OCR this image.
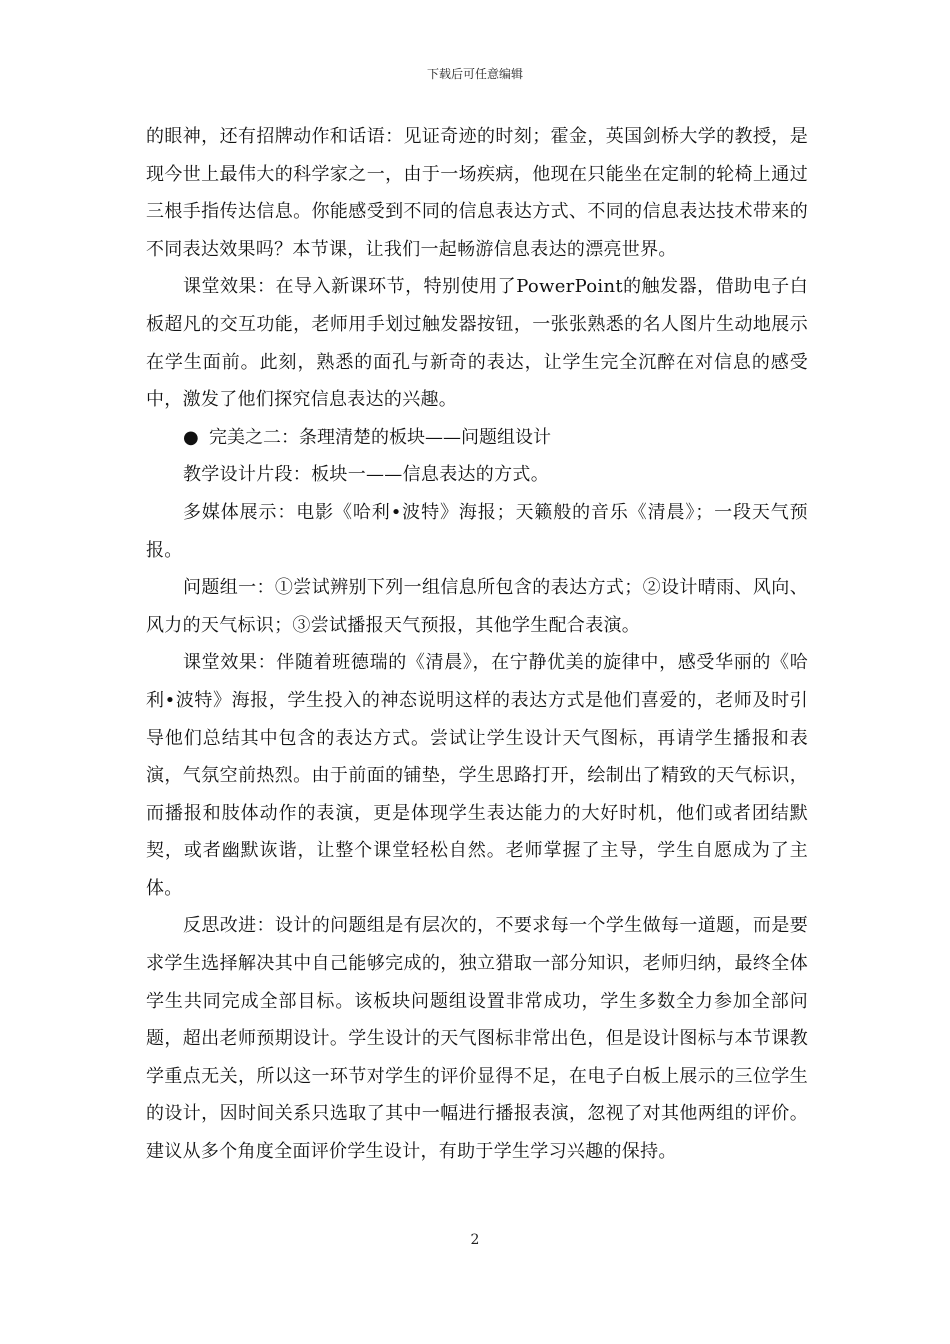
下载后可任意编辑

的眼神，还有招牌动作和话语：见证奇迹的时刻；霍金，英国剑桥大学的教授，是现今世上最伟大的科学家之一，由于一场疾病，他现在只能坐在定制的轮椅上通过三根手指传达信息。你能感受到不同的信息表达方式、不同的信息表达技术带来的不同表达效果吗？本节课，让我们一起畅游信息表达的漂亮世界。

课堂效果：在导入新课环节，特别使用了PowerPoint的触发器，借助电子白板超凡的交互功能，老师用手划过触发器按钮，一张张熟悉的名人图片生动地展示在学生面前。此刻，熟悉的面孔与新奇的表达，让学生完全沉醉在对信息的感受中，激发了他们探究信息表达的兴趣。

● 完美之二：条理清楚的板块——问题组设计

教学设计片段：板块一——信息表达的方式。

多媒体展示：电影《哈利•波特》海报；天籁般的音乐《清晨》；一段天气预报。

问题组一：①尝试辨别下列一组信息所包含的表达方式；②设计晴雨、风向、风力的天气标识；③尝试播报天气预报，其他学生配合表演。

课堂效果：伴随着班德瑞的《清晨》，在宁静优美的旋律中，感受华丽的《哈利•波特》海报，学生投入的神态说明这样的表达方式是他们喜爱的，老师及时引导他们总结其中包含的表达方式。尝试让学生设计天气图标，再请学生播报和表演，气氛空前热烈。由于前面的铺垫，学生思路打开，绘制出了精致的天气标识，而播报和肢体动作的表演，更是体现学生表达能力的大好时机，他们或者团结默契，或者幽默诙谐，让整个课堂轻松自然。老师掌握了主导，学生自愿成为了主体。

反思改进：设计的问题组是有层次的，不要求每一个学生做每一道题，而是要求学生选择解决其中自己能够完成的，独立猎取一部分知识，老师归纳，最终全体学生共同完成全部目标。该板块问题组设置非常成功，学生多数全力参加全部问题，超出老师预期设计。学生设计的天气图标非常出色，但是设计图标与本节课教学重点无关，所以这一环节对学生的评价显得不足，在电子白板上展示的三位学生的设计，因时间关系只选取了其中一幅进行播报表演，忽视了对其他两组的评价。建议从多个角度全面评价学生设计，有助于学生学习兴趣的保持。

2
